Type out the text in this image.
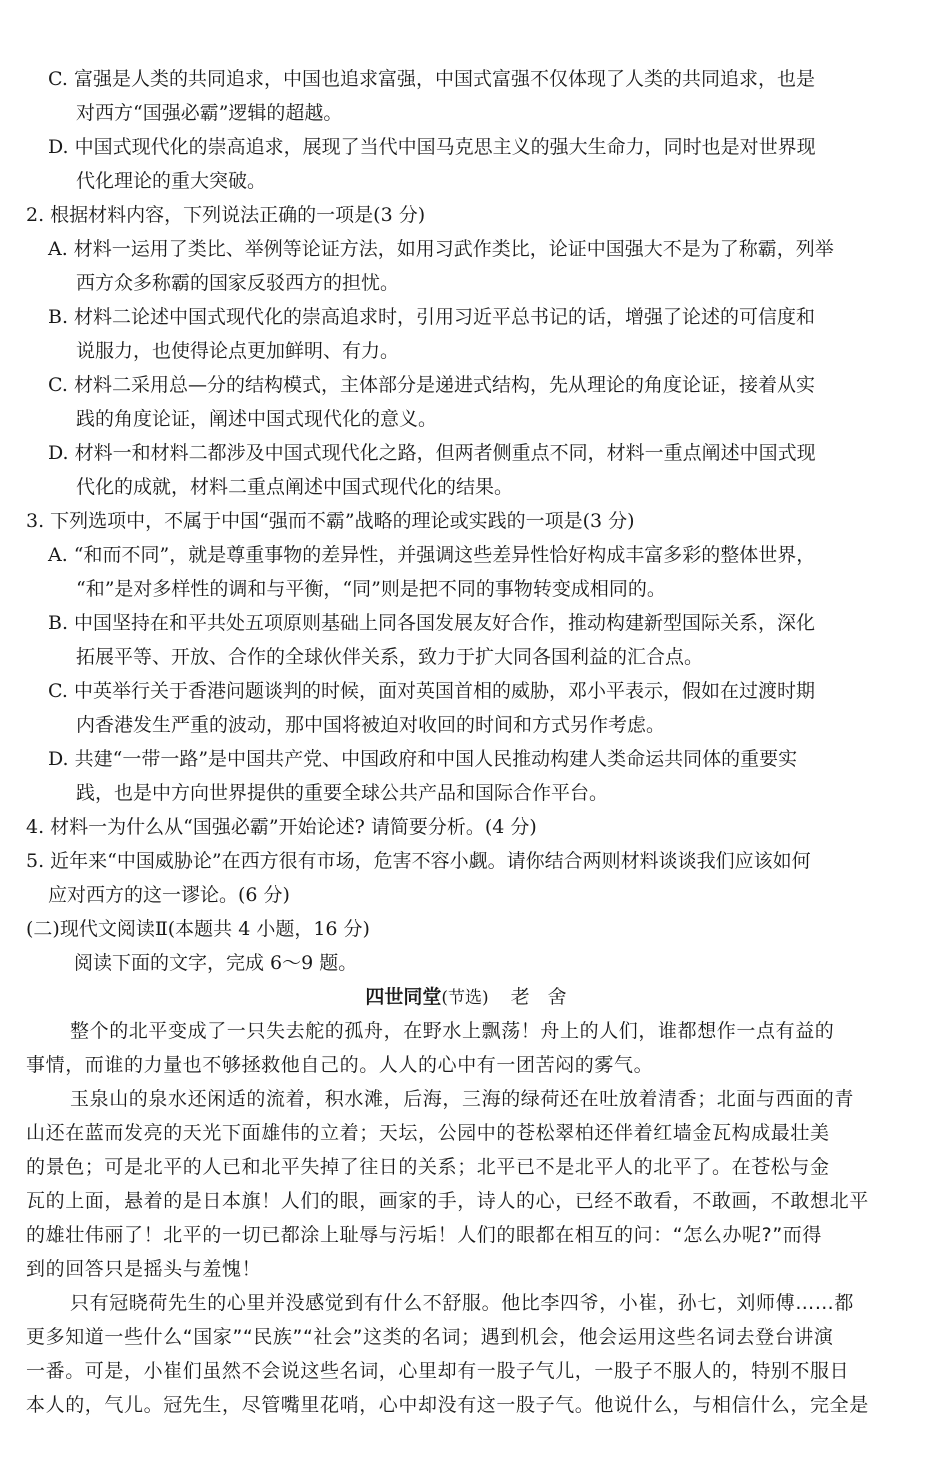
C. 富强是人类的共同追求，中国也追求富强，中国式富强不仅体现了人类的共同追求，也是
对西方“国强必霸”逻辑的超越。
D. 中国式现代化的崇高追求，展现了当代中国马克思主义的强大生命力，同时也是对世界现
代化理论的重大突破。
2. 根据材料内容，下列说法正确的一项是(3 分)
A. 材料一运用了类比、举例等论证方法，如用习武作类比，论证中国强大不是为了称霸，列举
西方众多称霸的国家反驳西方的担忧。
B. 材料二论述中国式现代化的崇高追求时，引用习近平总书记的话，增强了论述的可信度和
说服力，也使得论点更加鲜明、有力。
C. 材料二采用总—分的结构模式，主体部分是递进式结构，先从理论的角度论证，接着从实
践的角度论证，阐述中国式现代化的意义。
D. 材料一和材料二都涉及中国式现代化之路，但两者侧重点不同，材料一重点阐述中国式现
代化的成就，材料二重点阐述中国式现代化的结果。
3. 下列选项中，不属于中国“强而不霸”战略的理论或实践的一项是(3 分)
A. “和而不同”，就是尊重事物的差异性，并强调这些差异性恰好构成丰富多彩的整体世界，
“和”是对多样性的调和与平衡，“同”则是把不同的事物转变成相同的。
B. 中国坚持在和平共处五项原则基础上同各国发展友好合作，推动构建新型国际关系，深化
拓展平等、开放、合作的全球伙伴关系，致力于扩大同各国利益的汇合点。
C. 中英举行关于香港问题谈判的时候，面对英国首相的威胁，邓小平表示，假如在过渡时期
内香港发生严重的波动，那中国将被迫对收回的时间和方式另作考虑。
D. 共建“一带一路”是中国共产党、中国政府和中国人民推动构建人类命运共同体的重要实
践，也是中方向世界提供的重要全球公共产品和国际合作平台。
4. 材料一为什么从“国强必霸”开始论述? 请简要分析。(4 分)
5. 近年来“中国威胁论”在西方很有市场，危害不容小觑。请你结合两则材料谈谈我们应该如何
应对西方的这一谬论。(6 分)
(二)现代文阅读Ⅱ(本题共 4 小题，16 分)
阅读下面的文字，完成 6～9 题。
四世同堂(节选) 老舍
整个的北平变成了一只失去舵的孤舟，在野水上飘荡！舟上的人们，谁都想作一点有益的
事情，而谁的力量也不够拯救他自己的。人人的心中有一团苦闷的雾气。
玉泉山的泉水还闲适的流着，积水滩，后海，三海的绿荷还在吐放着清香；北面与西面的青
山还在蓝而发亮的天光下面雄伟的立着；天坛，公园中的苍松翠柏还伴着红墙金瓦构成最壮美
的景色；可是北平的人已和北平失掉了往日的关系；北平已不是北平人的北平了。在苍松与金
瓦的上面，悬着的是日本旗！人们的眼，画家的手，诗人的心，已经不敢看，不敢画，不敢想北平
的雄壮伟丽了！北平的一切已都涂上耻辱与污垢！人们的眼都在相互的问：“怎么办呢?”而得
到的回答只是摇头与羞愧！
只有冠晓荷先生的心里并没感觉到有什么不舒服。他比李四爷，小崔，孙七，刘师傅……都
更多知道一些什么“国家”“民族”“社会”这类的名词；遇到机会，他会运用这些名词去登台讲演
一番。可是，小崔们虽然不会说这些名词，心里却有一股子气儿，一股子不服人的，特别不服日
本人的，气儿。冠先生，尽管嘴里花哨，心中却没有这一股子气。他说什么，与相信什么，完全是
